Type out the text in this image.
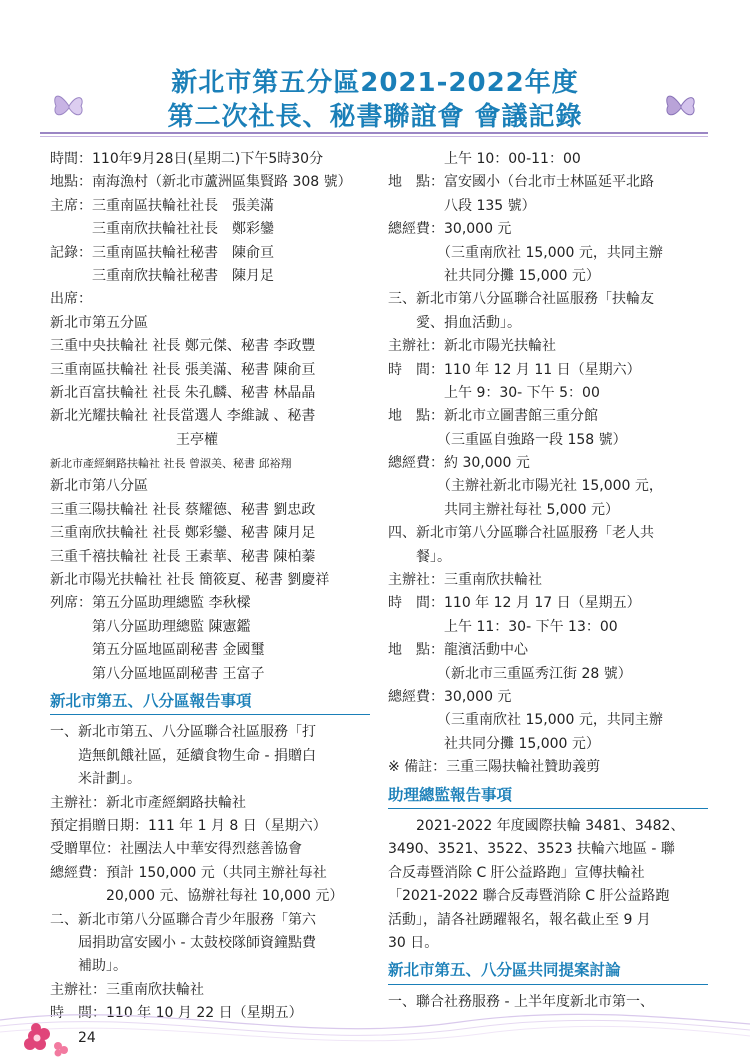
新北市第五分區2021-2022年度
第二次社長、秘書聯誼會 會議記錄
時間：110年9月28日(星期二)下午5時30分
地點：南海漁村（新北市蘆洲區集賢路 308 號）
主席：三重南區扶輪社社長　張美滿
　　　三重南欣扶輪社社長　鄭彩鑾
記錄：三重南區扶輪社秘書　陳俞亘
　　　三重南欣扶輪社秘書　陳月足
出席：
新北市第五分區
三重中央扶輪社 社長 鄭元傑、秘書 李政豐
三重南區扶輪社 社長 張美滿、秘書 陳俞亘
新北百富扶輪社 社長 朱孔麟、秘書 林晶晶
新北光耀扶輪社 社長當選人 李維誠 、秘書
　　　　　　　　　王亭權
新北市產經網路扶輪社 社長 曾淑美、秘書 邱裕翔
新北市第八分區
三重三陽扶輪社 社長 蔡耀德、秘書 劉忠政
三重南欣扶輪社 社長 鄭彩鑾、秘書 陳月足
三重千禧扶輪社 社長 王素華、秘書 陳柏蓁
新北市陽光扶輪社 社長 簡筱夏、秘書 劉慶祥
列席：第五分區助理總監 李秋樑
　　　第八分區助理總監 陳憲鑑
　　　第五分區地區副秘書 金國璽
　　　第八分區地區副秘書 王富子
新北市第五、八分區報告事項
一、新北市第五、八分區聯合社區服務「打
　　造無飢餓社區，延續食物生命 - 捐贈白
　　米計劃」。
主辦社：新北市產經網路扶輪社
預定捐贈日期：111 年 1 月 8 日（星期六）
受贈單位：社團法人中華安得烈慈善協會
總經費：預計 150,000 元（共同主辦社每社
　　　　20,000 元、協辦社每社 10,000 元）
二、新北市第八分區聯合青少年服務「第六
　　屆捐助富安國小 - 太鼓校隊師資鐘點費
　　補助」。
主辦社：三重南欣扶輪社
時　間：110 年 10 月 22 日（星期五）
　　　　上午 10：00-11：00
地　點：富安國小（台北市士林區延平北路
　　　　八段 135 號）
總經費：30,000 元
　　　　（三重南欣社 15,000 元，共同主辦
　　　　社共同分攤 15,000 元）
三、新北市第八分區聯合社區服務「扶輪友
　　愛、捐血活動」。
主辦社：新北市陽光扶輪社
時　間：110 年 12 月 11 日（星期六）
　　　　上午 9：30- 下午 5：00
地　點：新北市立圖書館三重分館
　　　　（三重區自強路一段 158 號）
總經費：約 30,000 元
　　　　（主辦社新北市陽光社 15,000 元，
　　　　共同主辦社每社 5,000 元）
四、新北市第八分區聯合社區服務「老人共
　　餐」。
主辦社：三重南欣扶輪社
時　間：110 年 12 月 17 日（星期五）
　　　　上午 11：30- 下午 13：00
地　點：龍濱活動中心
　　　　（新北市三重區秀江街 28 號）
總經費：30,000 元
　　　　（三重南欣社 15,000 元，共同主辦
　　　　社共同分攤 15,000 元）
※ 備註：三重三陽扶輪社贊助義剪
助理總監報告事項
　　2021-2022 年度國際扶輪 3481、3482、
3490、3521、3522、3523 扶輪六地區 - 聯
合反毒暨消除 C 肝公益路跑」宣傳扶輪社
「2021-2022 聯合反毒暨消除 C 肝公益路跑
活動」，請各社踴躍報名，報名截止至 9 月
30 日。
新北市第五、八分區共同提案討論
一、聯合社務服務 - 上半年度新北市第一、
24
